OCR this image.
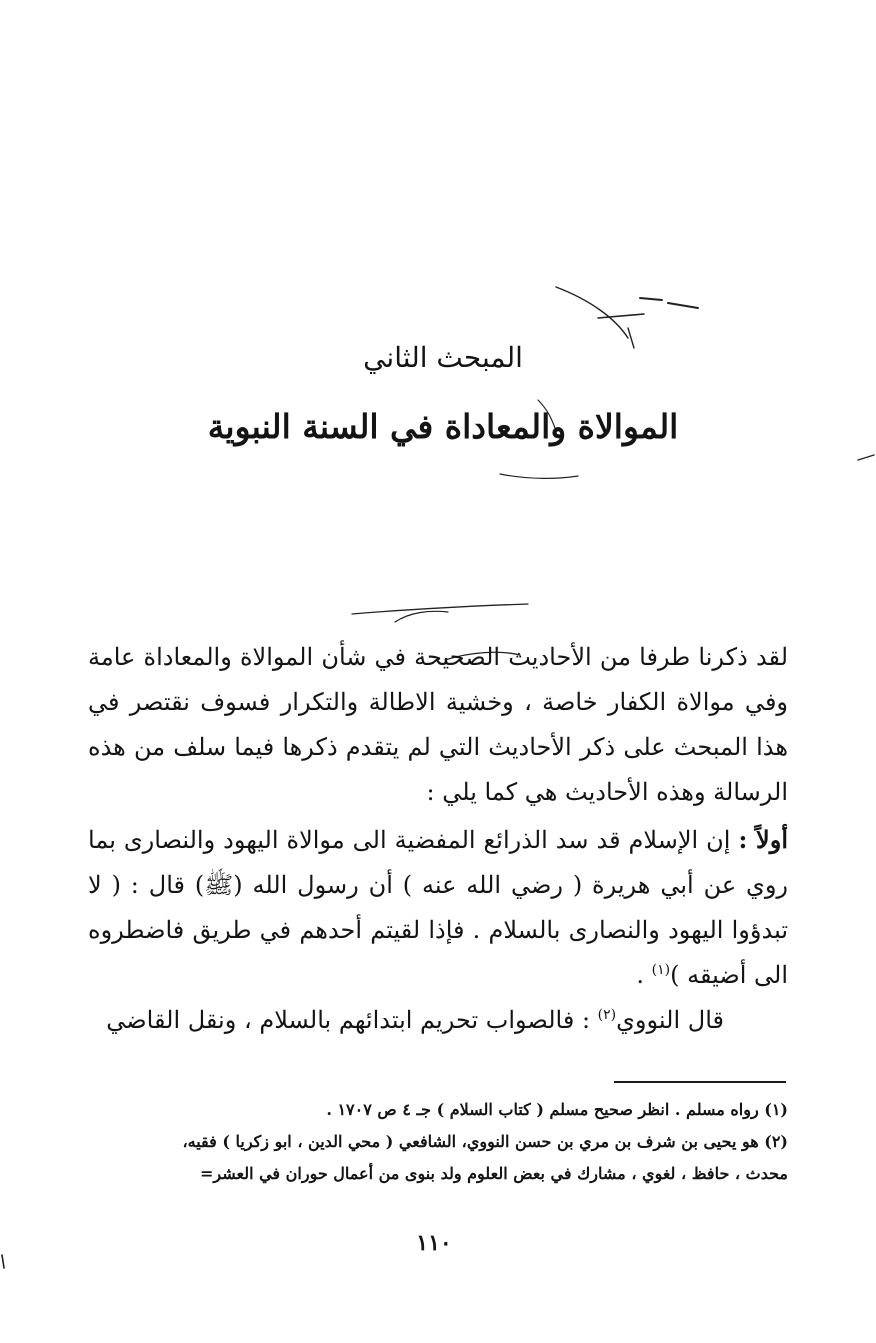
المبحث الثاني
الموالاة والمعاداة في السنة النبوية

لقد ذكرنا طرفا من الأحاديث الصحيحة في شأن الموالاة والمعاداة عامة وفي موالاة الكفار خاصة ، وخشية الاطالة والتكرار فسوف نقتصر في هذا المبحث على ذكر الأحاديث التي لم يتقدم ذكرها فيما سلف من هذه الرسالة وهذه الأحاديث هي كما يلي :

أولاً : إن الإسلام قد سد الذرائع المفضية الى موالاة اليهود والنصارى بما روي عن أبي هريرة ( رضي الله عنه ) أن رسول الله (ﷺ) قال : ( لا تبدؤوا اليهود والنصارى بالسلام . فإذا لقيتم أحدهم في طريق فاضطروه الى أضيقه )$^{(١)}$ .

قال النووي$^{(٢)}$ : فالصواب تحريم ابتدائهم بالسلام ، ونقل القاضي

(١) رواه مسلم . انظر صحيح مسلم ( كتاب السلام ) جـ ٤ ص ١٧٠٧ .

(٢) هو يحيى بن شرف بن مري بن حسن النووي، الشافعي ( محي الدين ، ابو زكريا ) فقيه،

محدث ، حافظ ، لغوي ، مشارك في بعض العلوم ولد بنوى من أعمال حوران في العشر=

١١٠
